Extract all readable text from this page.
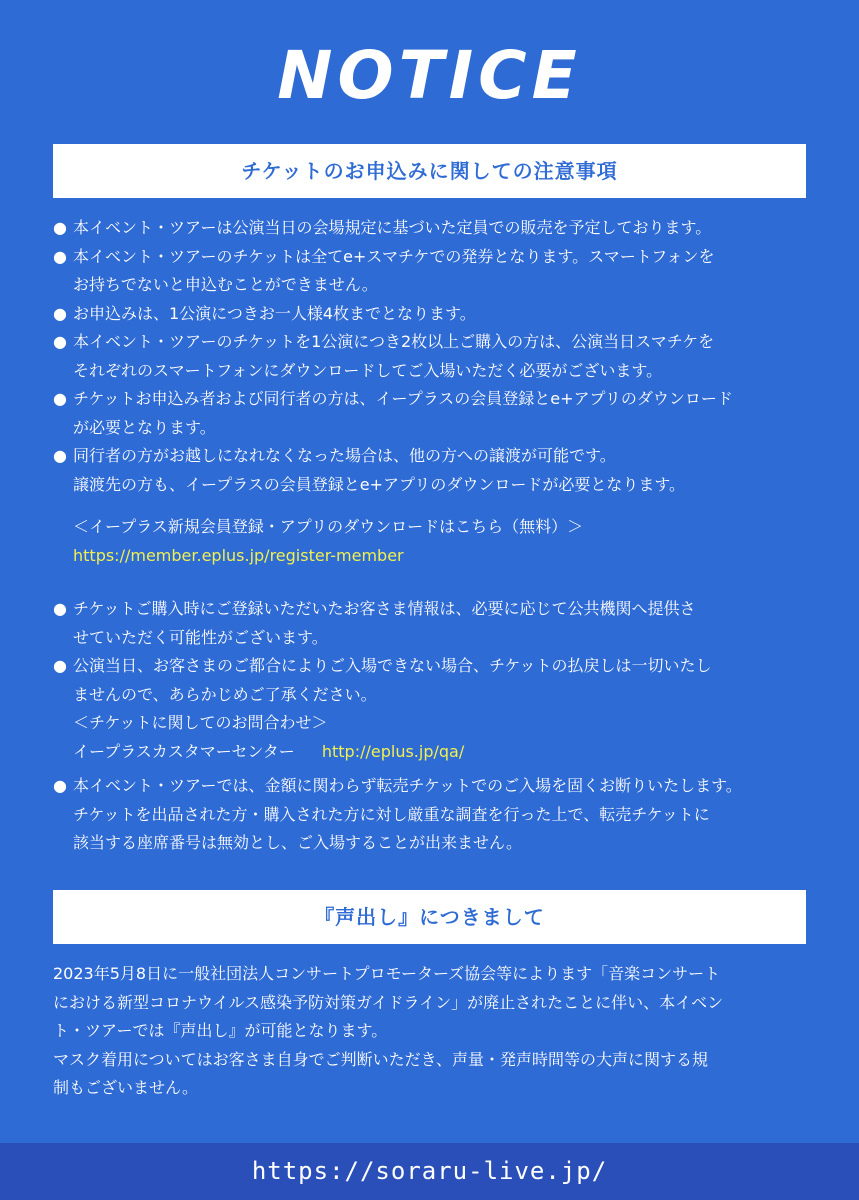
NOTICE
チケットのお申込みに関しての注意事項
● 本イベント・ツアーは公演当日の会場規定に基づいた定員での販売を予定しております。
● 本イベント・ツアーのチケットは全てe+スマチケでの発券となります。スマートフォンを
お持ちでないと申込むことができません。
● お申込みは、1公演につきお一人様4枚までとなります。
● 本イベント・ツアーのチケットを1公演につき2枚以上ご購入の方は、公演当日スマチケを
それぞれのスマートフォンにダウンロードしてご入場いただく必要がございます。
● チケットお申込み者および同行者の方は、イープラスの会員登録とe+アプリのダウンロード
が必要となります。
● 同行者の方がお越しになれなくなった場合は、他の方への譲渡が可能です。
譲渡先の方も、イープラスの会員登録とe+アプリのダウンロードが必要となります。
＜イープラス新規会員登録・アプリのダウンロードはこちら（無料）＞
https://member.eplus.jp/register-member
● チケットご購入時にご登録いただいたお客さま情報は、必要に応じて公共機関へ提供さ
せていただく可能性がございます。
● 公演当日、お客さまのご都合によりご入場できない場合、チケットの払戻しは一切いたし
ませんので、あらかじめご了承ください。
＜チケットに関してのお問合わせ＞
イープラスカスタマーセンター http://eplus.jp/qa/
● 本イベント・ツアーでは、金額に関わらず転売チケットでのご入場を固くお断りいたします。
チケットを出品された方・購入された方に対し厳重な調査を行った上で、転売チケットに
該当する座席番号は無効とし、ご入場することが出来ません。
『声出し』につきまして
2023年5月8日に一般社団法人コンサートプロモーターズ協会等によります「音楽コンサート
における新型コロナウイルス感染予防対策ガイドライン」が廃止されたことに伴い、本イベン
ト・ツアーでは『声出し』が可能となります。
マスク着用についてはお客さま自身でご判断いただき、声量・発声時間等の大声に関する規
制もございません。
https://soraru-live.jp/
